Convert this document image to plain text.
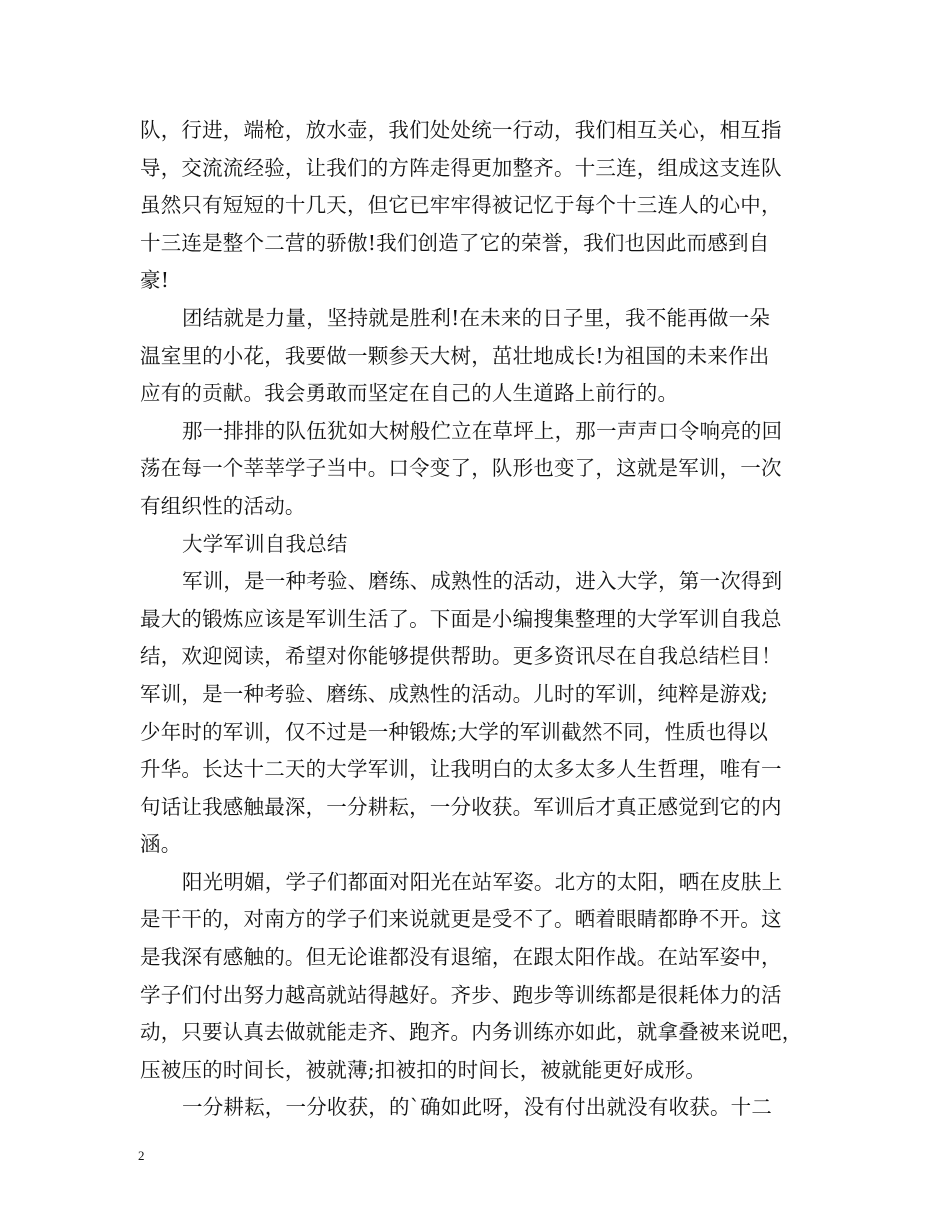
队，行进，端枪，放水壶，我们处处统一行动，我们相互关心，相互指
导，交流流经验，让我们的方阵走得更加整齐。十三连，组成这支连队
虽然只有短短的十几天，但它已牢牢得被记忆于每个十三连人的心中，
十三连是整个二营的骄傲!我们创造了它的荣誉，我们也因此而感到自
豪!
团结就是力量，坚持就是胜利!在未来的日子里，我不能再做一朵
温室里的小花，我要做一颗参天大树，茁壮地成长!为祖国的未来作出
应有的贡献。我会勇敢而坚定在自己的人生道路上前行的。
那一排排的队伍犹如大树般伫立在草坪上，那一声声口令响亮的回
荡在每一个莘莘学子当中。口令变了，队形也变了，这就是军训，一次
有组织性的活动。
大学军训自我总结
军训，是一种考验、磨练、成熟性的活动，进入大学，第一次得到
最大的锻炼应该是军训生活了。下面是小编搜集整理的大学军训自我总
结，欢迎阅读，希望对你能够提供帮助。更多资讯尽在自我总结栏目！
军训，是一种考验、磨练、成熟性的活动。儿时的军训，纯粹是游戏;
少年时的军训，仅不过是一种锻炼;大学的军训截然不同，性质也得以
升华。长达十二天的大学军训，让我明白的太多太多人生哲理，唯有一
句话让我感触最深，一分耕耘，一分收获。军训后才真正感觉到它的内
涵。
阳光明媚，学子们都面对阳光在站军姿。北方的太阳，晒在皮肤上
是干干的，对南方的学子们来说就更是受不了。晒着眼睛都睁不开。这
是我深有感触的。但无论谁都没有退缩，在跟太阳作战。在站军姿中，
学子们付出努力越高就站得越好。齐步、跑步等训练都是很耗体力的活
动，只要认真去做就能走齐、跑齐。内务训练亦如此，就拿叠被来说吧，
压被压的时间长，被就薄;扣被扣的时间长，被就能更好成形。
一分耕耘，一分收获，的`确如此呀，没有付出就没有收获。十二
2
